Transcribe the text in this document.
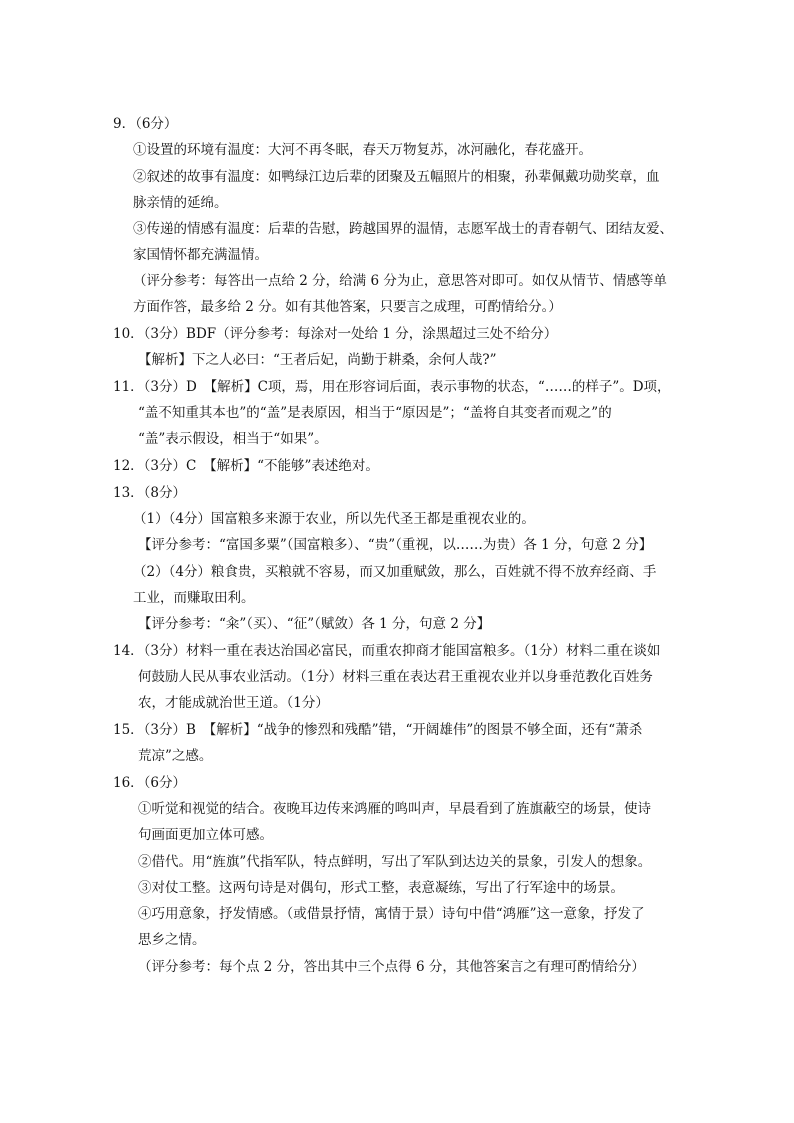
9．（6分）
①设置的环境有温度：大河不再冬眠，春天万物复苏，冰河融化，春花盛开。
②叙述的故事有温度：如鸭绿江边后辈的团聚及五幅照片的相聚，孙辈佩戴功勋奖章，血
脉亲情的延绵。
③传递的情感有温度：后辈的告慰，跨越国界的温情，志愿军战士的青春朝气、团结友爱、
家国情怀都充满温情。
（评分参考：每答出一点给 2 分，给满 6 分为止，意思答对即可。如仅从情节、情感等单
方面作答，最多给 2 分。如有其他答案，只要言之成理，可酌情给分。）
10．（3分）BDF（评分参考：每涂对一处给 1 分，涂黑超过三处不给分）
【解析】下之人必曰：“王者后妃，尚勤于耕桑，余何人哉?”
11．（3分）D　【解析】C项，焉，用在形容词后面，表示事物的状态，“……的样子”。D项，
“盖不知重其本也”的“盖”是表原因，相当于“原因是”；“盖将自其变者而观之”的
“盖”表示假设，相当于“如果”。
12．（3分）C　【解析】“不能够”表述绝对。
13．（8分）
（1）（4分）国富粮多来源于农业，所以先代圣王都是重视农业的。
【评分参考：“富国多粟”（国富粮多）、“贵”（重视，以……为贵）各 1 分，句意 2 分】
（2）（4分）粮食贵，买粮就不容易，而又加重赋敛，那么，百姓就不得不放弃经商、手
工业，而赚取田利。
【评分参考：“籴”（买）、“征”（赋敛）各 1 分，句意 2 分】
14．（3分）材料一重在表达治国必富民，而重农抑商才能国富粮多。（1分）材料二重在谈如
何鼓励人民从事农业活动。（1分）材料三重在表达君王重视农业并以身垂范教化百姓务
农，才能成就治世王道。（1分）
15．（3分）B　【解析】“战争的惨烈和残酷”错，“开阔雄伟”的图景不够全面，还有“萧杀
荒凉”之感。
16．（6分）
①听觉和视觉的结合。夜晚耳边传来鸿雁的鸣叫声，早晨看到了旌旗蔽空的场景，使诗
句画面更加立体可感。
②借代。用“旌旗”代指军队，特点鲜明，写出了军队到达边关的景象，引发人的想象。
③对仗工整。这两句诗是对偶句，形式工整，表意凝练，写出了行军途中的场景。
④巧用意象，抒发情感。（或借景抒情，寓情于景）诗句中借“鸿雁”这一意象，抒发了
思乡之情。
（评分参考：每个点 2 分，答出其中三个点得 6 分，其他答案言之有理可酌情给分）
